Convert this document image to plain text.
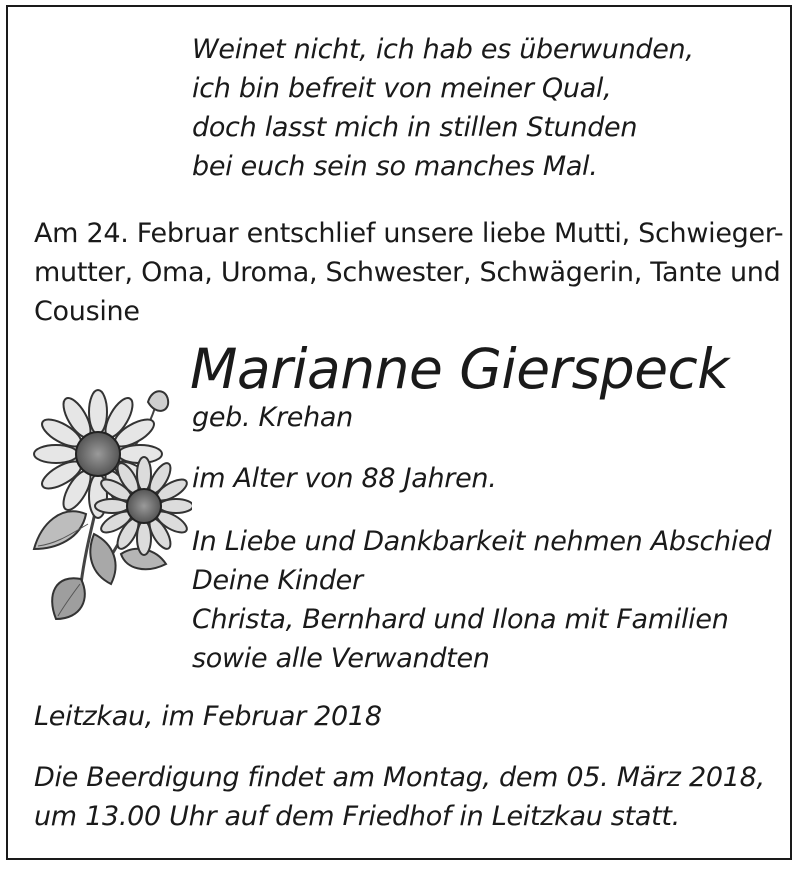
Weinet nicht, ich hab es überwunden,
ich bin befreit von meiner Qual,
doch lasst mich in stillen Stunden
bei euch sein so manches Mal.
Am 24. Februar entschlief unsere liebe Mutti, Schwieger-
mutter, Oma, Uroma, Schwester, Schwägerin, Tante und
Cousine
Marianne Gierspeck
geb. Krehan
im Alter von 88 Jahren.
In Liebe und Dankbarkeit nehmen Abschied
Deine Kinder
Christa, Bernhard und Ilona mit Familien
sowie alle Verwandten
Leitzkau, im Februar 2018
Die Beerdigung findet am Montag, dem 05. März 2018,
um 13.00 Uhr auf dem Friedhof in Leitzkau statt.
